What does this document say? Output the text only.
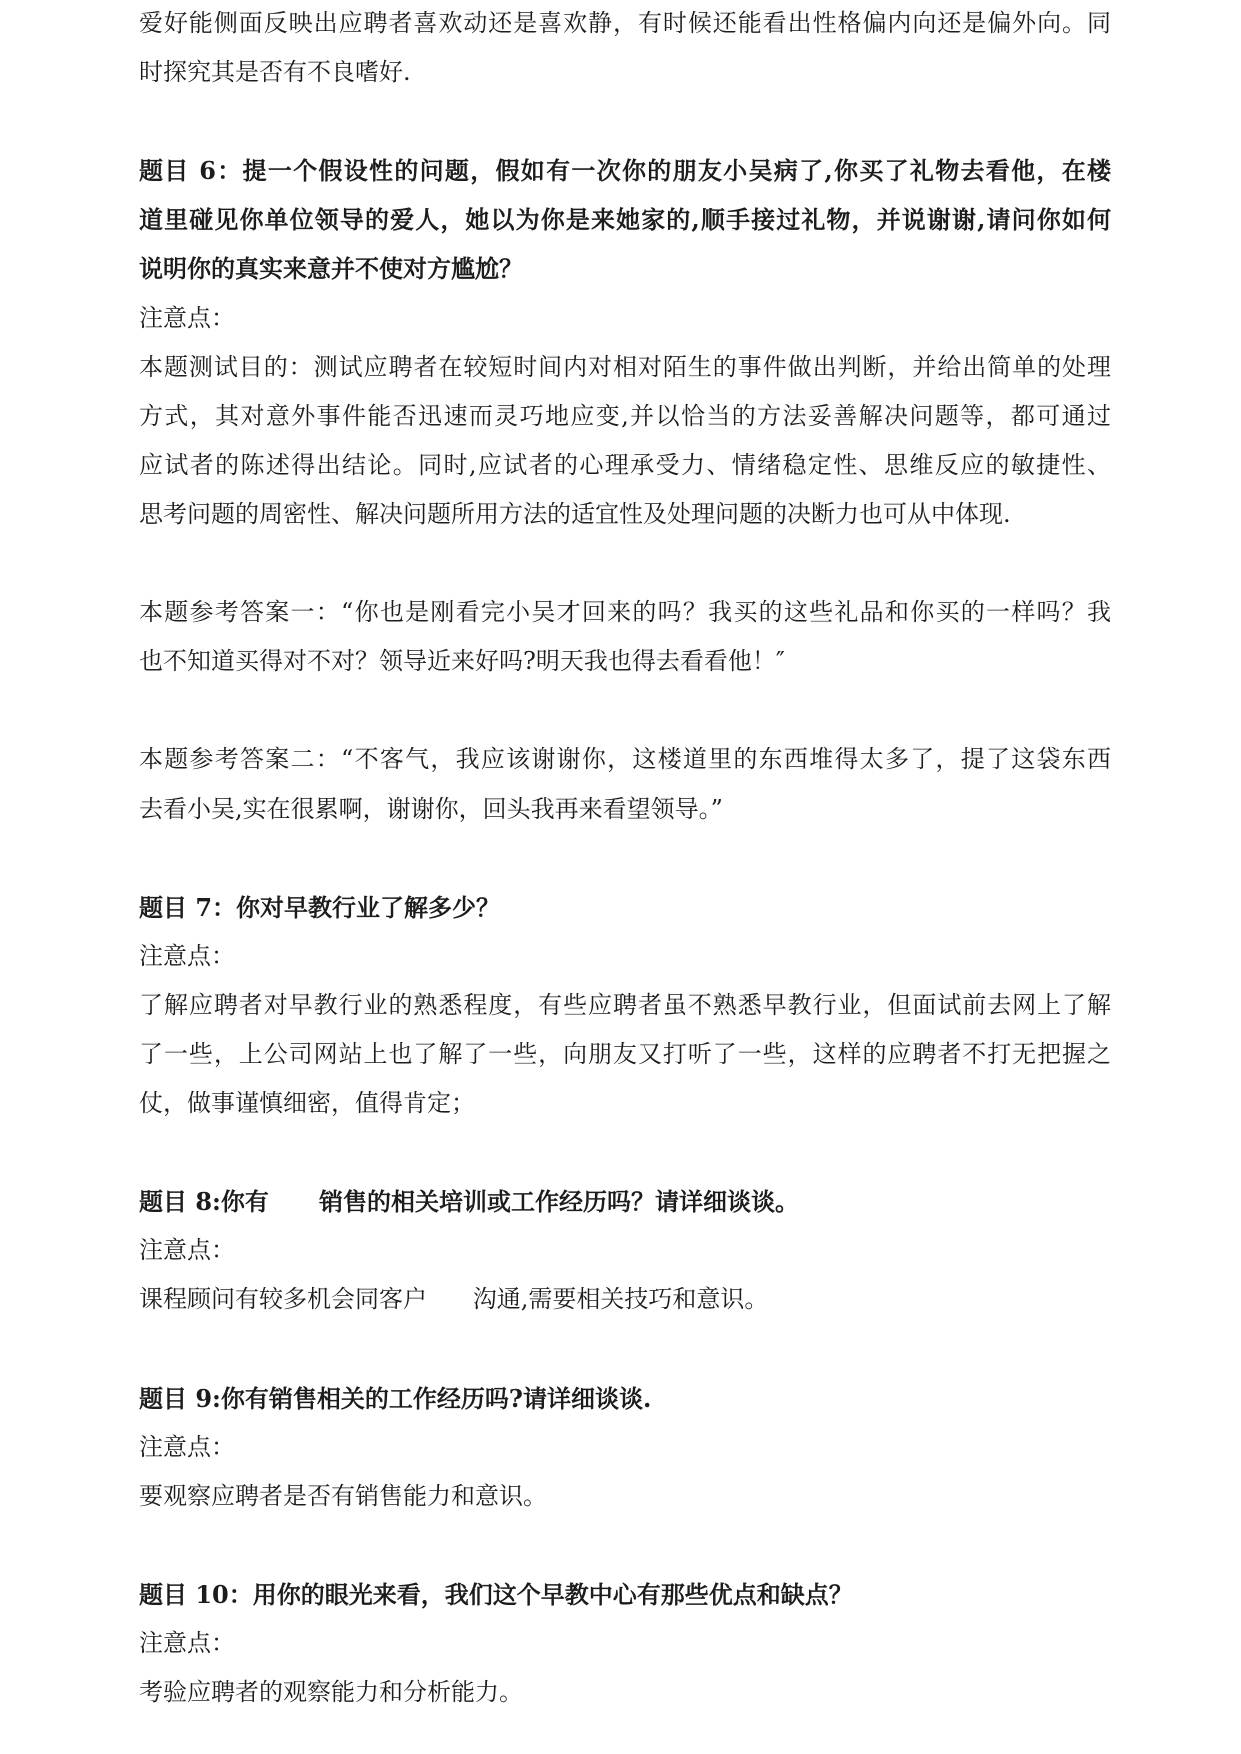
爱好能侧面反映出应聘者喜欢动还是喜欢静，有时候还能看出性格偏内向还是偏外向。同
时探究其是否有不良嗜好.
题目 6：提一个假设性的问题，假如有一次你的朋友小吴病了,你买了礼物去看他，在楼
道里碰见你单位领导的爱人，她以为你是来她家的,顺手接过礼物，并说谢谢,请问你如何
说明你的真实来意并不使对方尴尬？
注意点：
本题测试目的：测试应聘者在较短时间内对相对陌生的事件做出判断，并给出简单的处理
方式，其对意外事件能否迅速而灵巧地应变,并以恰当的方法妥善解决问题等，都可通过
应试者的陈述得出结论。同时,应试者的心理承受力、情绪稳定性、思维反应的敏捷性、
思考问题的周密性、解决问题所用方法的适宜性及处理问题的决断力也可从中体现.
本题参考答案一：“你也是刚看完小吴才回来的吗？我买的这些礼品和你买的一样吗？我
也不知道买得对不对？领导近来好吗?明天我也得去看看他！″
本题参考答案二：“不客气，我应该谢谢你，这楼道里的东西堆得太多了，提了这袋东西
去看小吴,实在很累啊，谢谢你，回头我再来看望领导。”
题目 7：你对早教行业了解多少？
注意点：
了解应聘者对早教行业的熟悉程度，有些应聘者虽不熟悉早教行业，但面试前去网上了解
了一些，上公司网站上也了解了一些，向朋友又打听了一些，这样的应聘者不打无把握之
仗，做事谨慎细密，值得肯定；
题目 8:你有      销售的相关培训或工作经历吗？请详细谈谈。
注意点：
课程顾问有较多机会同客户      沟通,需要相关技巧和意识。
题目 9:你有销售相关的工作经历吗?请详细谈谈.
注意点：
要观察应聘者是否有销售能力和意识。
题目 10：用你的眼光来看，我们这个早教中心有那些优点和缺点？
注意点：
考验应聘者的观察能力和分析能力。
